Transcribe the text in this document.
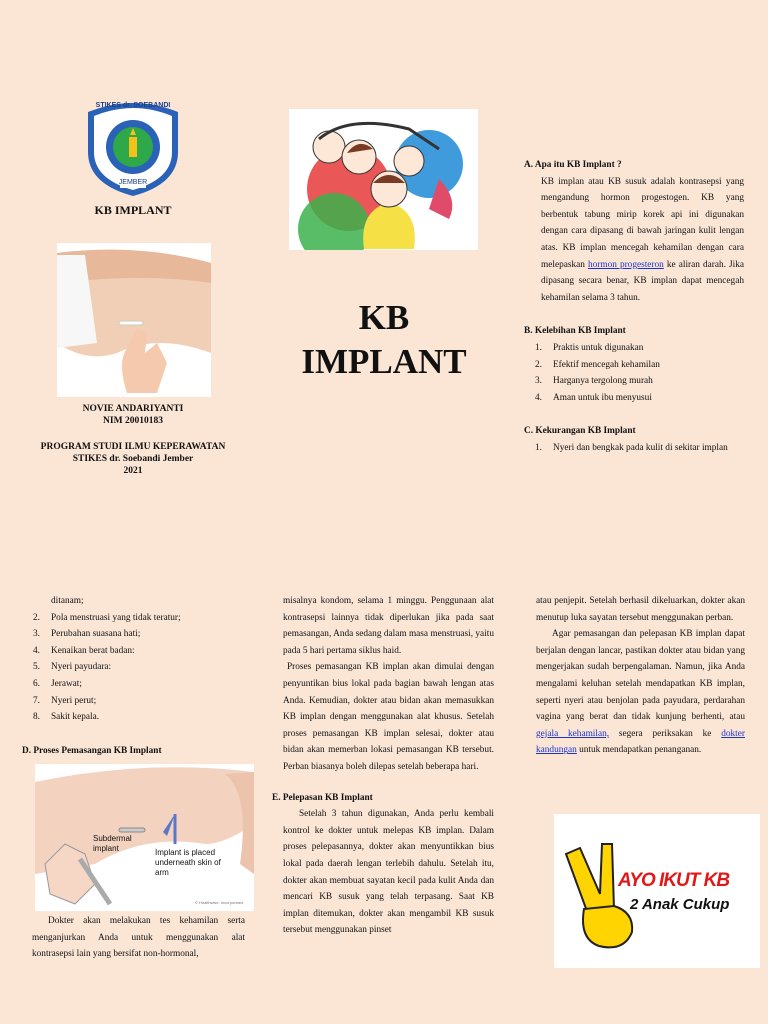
STIKES dr. SOEBANDI
JEMBER
KB IMPLANT
NOVIE ANDARIYANTI
NIM 20010183
PROGRAM STUDI ILMU KEPERAWATAN
STIKES dr. Soebandi Jember
2021
KB
IMPLANT
A. Apa itu KB Implant ?
KB implan atau KB susuk adalah kontrasepsi yang mengandung hormon progestogen. KB yang berbentuk tabung mirip korek api ini digunakan dengan cara dipasang di bawah jaringan kulit lengan atas. KB implan mencegah kehamilan dengan cara melepaskan hormon progesteron ke aliran darah. Jika dipasang secara benar, KB implan dapat mencegah kehamilan selama 3 tahun.
B. Kelebihan KB Implant
1. Praktis untuk digunakan
2. Efektif mencegah kehamilan
3. Harganya tergolong murah
4. Aman untuk ibu menyusui
C. Kekurangan KB Implant
1. Nyeri dan bengkak pada kulit di sekitar implan
ditanam;
2. Pola menstruasi yang tidak teratur;
3. Perubahan suasana hati;
4. Kenaikan berat badan:
5. Nyeri payudara:
6. Jerawat;
7. Nyeri perut;
8. Sakit kepala.
D. Proses Pemasangan KB Implant
Subdermal implant	Implant is placed underneath skin of arm
© Healthwise, Incorporated
Dokter akan melakukan tes kehamilan serta menganjurkan Anda untuk menggunakan alat kontrasepsi lain yang bersifat non-hormonal,
misalnya kondom, selama 1 minggu. Penggunaan alat kontrasepsi lainnya tidak diperlukan jika pada saat pemasangan, Anda sedang dalam masa menstruasi, yaitu pada 5 hari pertama siklus haid.
Proses pemasangan KB implan akan dimulai dengan penyuntikan bius lokal pada bagian bawah lengan atas Anda. Kemudian, dokter atau bidan akan memasukkan KB implan dengan menggunakan alat khusus. Setelah proses pemasangan KB implan selesai, dokter atau bidan akan memerban lokasi pemasangan KB tersebut. Perban biasanya boleh dilepas setelah beberapa hari.
E. Pelepasan KB Implant
Setelah 3 tahun digunakan, Anda perlu kembali kontrol ke dokter untuk melepas KB implan. Dalam proses pelepasannya, dokter akan menyuntikkan bius lokal pada daerah lengan terlebih dahulu. Setelah itu, dokter akan membuat sayatan kecil pada kulit Anda dan mencari KB susuk yang telah terpasang. Saat KB implan ditemukan, dokter akan mengambil KB susuk tersebut menggunakan pinset
atau penjepit. Setelah berhasil dikeluarkan, dokter akan menutup luka sayatan tersebut menggunakan perban.
Agar pemasangan dan pelepasan KB implan dapat berjalan dengan lancar, pastikan dokter atau bidan yang mengerjakan sudah berpengalaman. Namun, jika Anda mengalami keluhan setelah mendapatkan KB implan, seperti nyeri atau benjolan pada payudara, perdarahan vagina yang berat dan tidak kunjung berhenti, atau gejala kehamilan, segera periksakan ke dokter kandungan untuk mendapatkan penanganan.
AYO IKUT KB
2 Anak Cukup
